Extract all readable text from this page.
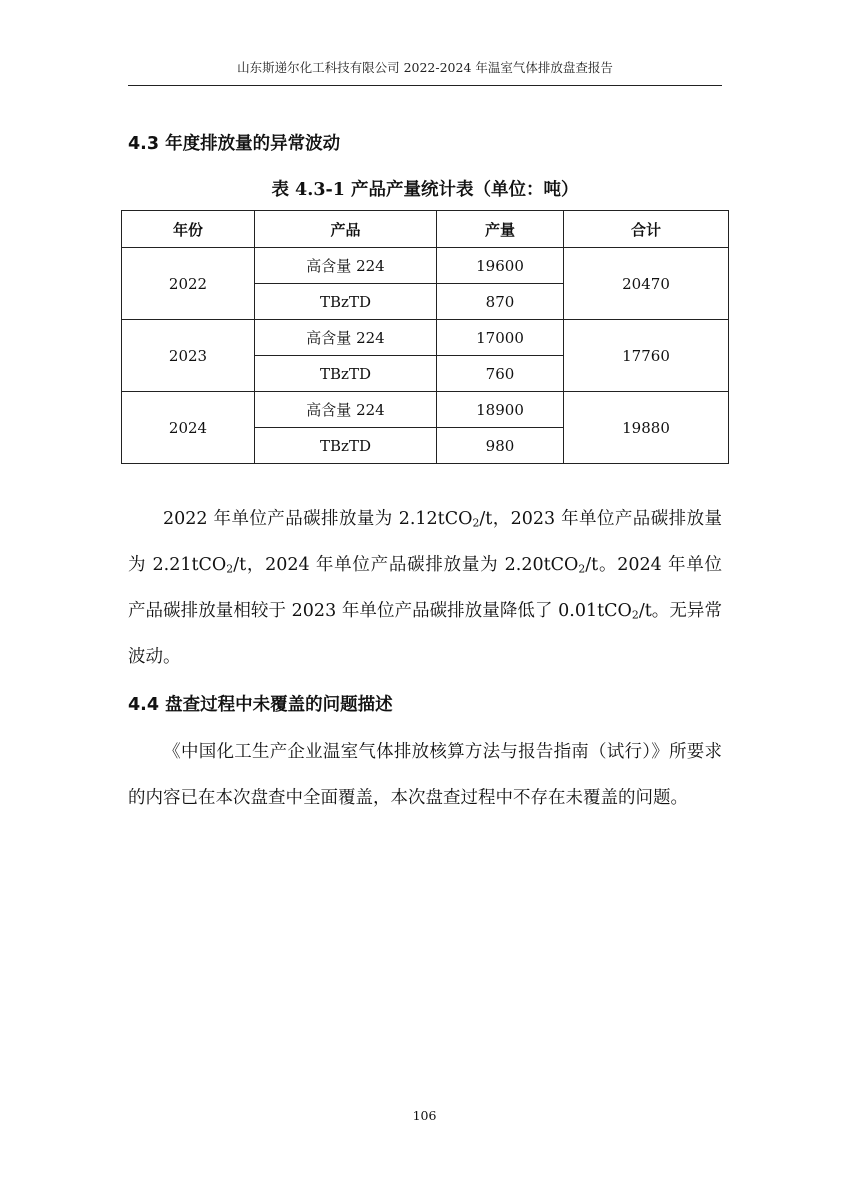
山东斯递尔化工科技有限公司 2022-2024 年温室气体排放盘查报告
4.3 年度排放量的异常波动
表 4.3-1 产品产量统计表（单位：吨）
年份	产品	产量	合计
2022	高含量 224	19600	20470
	TBzTD	870	
2023	高含量 224	17000	17760
	TBzTD	760	
2024	高含量 224	18900	19880
	TBzTD	980	
2022 年单位产品碳排放量为 2.12tCO$_2$/t，2023 年单位产品碳排放量为 2.21tCO$_2$/t，2024 年单位产品碳排放量为 2.20tCO$_2$/t。2024 年单位产品碳排放量相较于 2023 年单位产品碳排放量降低了 0.01tCO$_2$/t。无异常波动。
4.4 盘查过程中未覆盖的问题描述
《中国化工生产企业温室气体排放核算方法与报告指南（试行）》所要求的内容已在本次盘查中全面覆盖，本次盘查过程中不存在未覆盖的问题。
106
